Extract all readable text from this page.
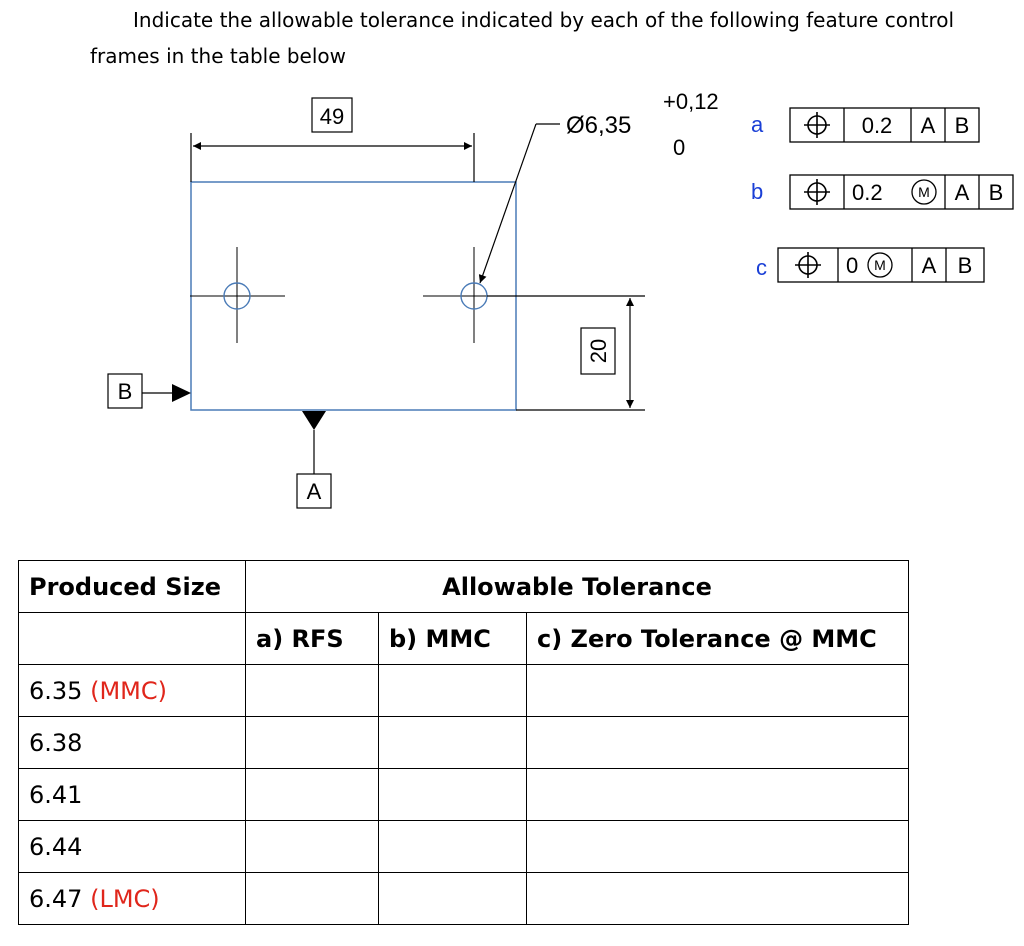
Indicate the allowable tolerance indicated by each of the following feature control
frames in the table below
49	Ø6,35
+0,12
0
20
B
A
a	0.2 A B
b	0.2	M A B
c	0 M A B
Produced Size	Allowable Tolerance		
	a) RFS	b) MMC	c) Zero Tolerance @ MMC
6.35 (MMC)			
6.38			
6.41			
6.44			
6.47 (LMC)			
